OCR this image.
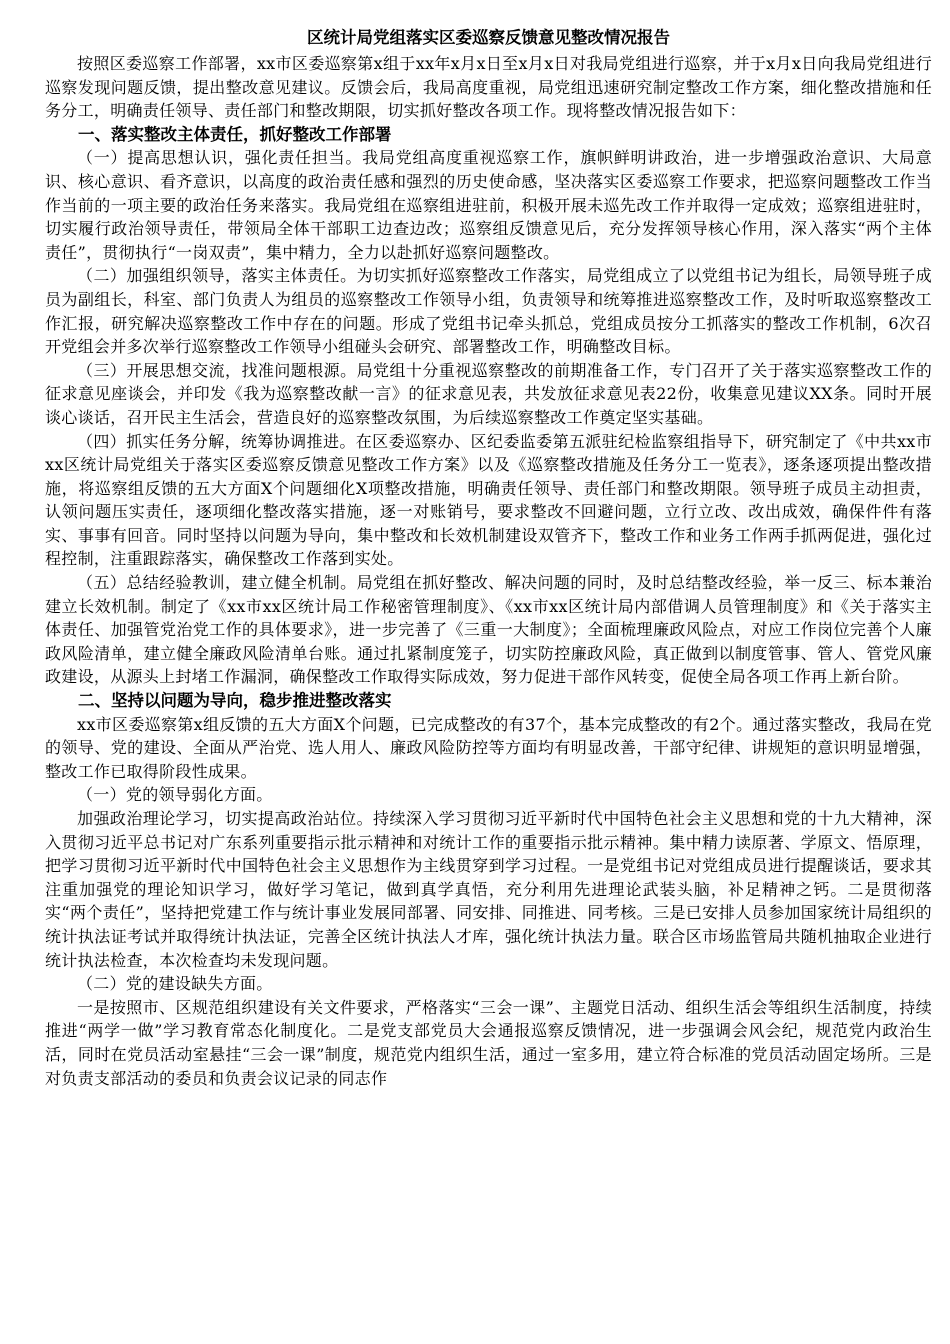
区统计局党组落实区委巡察反馈意见整改情况报告

按照区委巡察工作部署，xx市区委巡察第x组于xx年x月x日至x月x日对我局党组进行巡察，并于x月x日向我局党组进行巡察发现问题反馈，提出整改意见建议。反馈会后，我局高度重视，局党组迅速研究制定整改工作方案，细化整改措施和任务分工，明确责任领导、责任部门和整改期限，切实抓好整改各项工作。现将整改情况报告如下：

一、落实整改主体责任，抓好整改工作部署

（一）提高思想认识，强化责任担当。我局党组高度重视巡察工作，旗帜鲜明讲政治，进一步增强政治意识、大局意识、核心意识、看齐意识，以高度的政治责任感和强烈的历史使命感，坚决落实区委巡察工作要求，把巡察问题整改工作当作当前的一项主要的政治任务来落实。我局党组在巡察组进驻前，积极开展未巡先改工作并取得一定成效；巡察组进驻时，切实履行政治领导责任，带领局全体干部职工边查边改；巡察组反馈意见后，充分发挥领导核心作用，深入落实“两个主体责任”，贯彻执行“一岗双责”，集中精力，全力以赴抓好巡察问题整改。

（二）加强组织领导，落实主体责任。为切实抓好巡察整改工作落实，局党组成立了以党组书记为组长，局领导班子成员为副组长，科室、部门负责人为组员的巡察整改工作领导小组，负责领导和统筹推进巡察整改工作，及时听取巡察整改工作汇报，研究解决巡察整改工作中存在的问题。形成了党组书记牵头抓总，党组成员按分工抓落实的整改工作机制，6次召开党组会并多次举行巡察整改工作领导小组碰头会研究、部署整改工作，明确整改目标。

（三）开展思想交流，找准问题根源。局党组十分重视巡察整改的前期准备工作，专门召开了关于落实巡察整改工作的征求意见座谈会，并印发《我为巡察整改献一言》的征求意见表，共发放征求意见表22份，收集意见建议XX条。同时开展谈心谈话，召开民主生活会，营造良好的巡察整改氛围，为后续巡察整改工作奠定坚实基础。

（四）抓实任务分解，统筹协调推进。在区委巡察办、区纪委监委第五派驻纪检监察组指导下，研究制定了《中共xx市xx区统计局党组关于落实区委巡察反馈意见整改工作方案》以及《巡察整改措施及任务分工一览表》，逐条逐项提出整改措施，将巡察组反馈的五大方面X个问题细化X项整改措施，明确责任领导、责任部门和整改期限。领导班子成员主动担责，认领问题压实责任，逐项细化整改落实措施，逐一对账销号，要求整改不回避问题，立行立改、改出成效，确保件件有落实、事事有回音。同时坚持以问题为导向，集中整改和长效机制建设双管齐下，整改工作和业务工作两手抓两促进，强化过程控制，注重跟踪落实，确保整改工作落到实处。

（五）总结经验教训，建立健全机制。局党组在抓好整改、解决问题的同时，及时总结整改经验，举一反三、标本兼治建立长效机制。制定了《xx市xx区统计局工作秘密管理制度》、《xx市xx区统计局内部借调人员管理制度》和《关于落实主体责任、加强管党治党工作的具体要求》，进一步完善了《三重一大制度》；全面梳理廉政风险点，对应工作岗位完善个人廉政风险清单，建立健全廉政风险清单台账。通过扎紧制度笼子，切实防控廉政风险，真正做到以制度管事、管人、管党风廉政建设，从源头上封堵工作漏洞，确保整改工作取得实际成效，努力促进干部作风转变，促使全局各项工作再上新台阶。

二、坚持以问题为导向，稳步推进整改落实

xx市区委巡察第x组反馈的五大方面X个问题，已完成整改的有37个，基本完成整改的有2个。通过落实整改，我局在党的领导、党的建设、全面从严治党、选人用人、廉政风险防控等方面均有明显改善，干部守纪律、讲规矩的意识明显增强，整改工作已取得阶段性成果。

（一）党的领导弱化方面。

加强政治理论学习，切实提高政治站位。持续深入学习贯彻习近平新时代中国特色社会主义思想和党的十九大精神，深入贯彻习近平总书记对广东系列重要指示批示精神和对统计工作的重要指示批示精神。集中精力读原著、学原文、悟原理，把学习贯彻习近平新时代中国特色社会主义思想作为主线贯穿到学习过程。一是党组书记对党组成员进行提醒谈话，要求其注重加强党的理论知识学习，做好学习笔记，做到真学真悟，充分利用先进理论武装头脑，补足精神之钙。二是贯彻落实“两个责任”，坚持把党建工作与统计事业发展同部署、同安排、同推进、同考核。三是已安排人员参加国家统计局组织的统计执法证考试并取得统计执法证，完善全区统计执法人才库，强化统计执法力量。联合区市场监管局共随机抽取企业进行统计执法检查，本次检查均未发现问题。

（二）党的建设缺失方面。

一是按照市、区规范组织建设有关文件要求，严格落实“三会一课”、主题党日活动、组织生活会等组织生活制度，持续推进“两学一做”学习教育常态化制度化。二是党支部党员大会通报巡察反馈情况，进一步强调会风会纪，规范党内政治生活，同时在党员活动室悬挂“三会一课”制度，规范党内组织生活，通过一室多用，建立符合标准的党员活动固定场所。三是对负责支部活动的委员和负责会议记录的同志作
